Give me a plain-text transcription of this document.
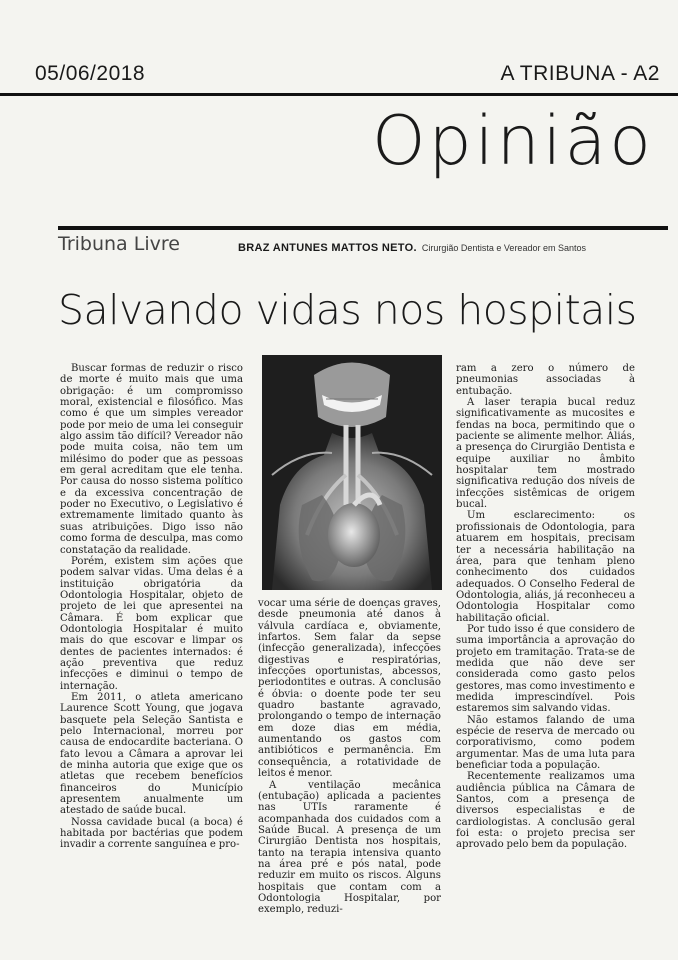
05/06/2018	A TRIBUNA - A2
Opinião
Tribuna Livre	BRAZ ANTUNES MATTOS NETO. Cirurgião Dentista e Vereador em Santos
Salvando vidas nos hospitais

Buscar formas de reduzir o risco de morte é muito mais que uma obrigação: é um compromisso moral, existencial e filosófico. Mas como é que um simples vereador pode por meio de uma lei conseguir algo assim tão difícil? Vereador não pode muita coisa, não tem um milésimo do poder que as pessoas em geral acreditam que ele tenha. Por causa do nosso sistema político e da excessiva concentração de poder no Executivo, o Legislativo é extremamente limitado quanto às suas atribuições. Digo isso não como forma de desculpa, mas como constatação da realidade.

Porém, existem sim ações que podem salvar vidas. Uma delas é a instituição obrigatória da Odontologia Hospitalar, objeto de projeto de lei que apresentei na Câmara. É bom explicar que Odontologia Hospitalar é muito mais do que escovar e limpar os dentes de pacientes internados: é ação preventiva que reduz infecções e diminui o tempo de internação.

Em 2011, o atleta americano Laurence Scott Young, que jogava basquete pela Seleção Santista e pelo Internacional, morreu por causa de endocardite bacteriana. O fato levou a Câmara a aprovar lei de minha autoria que exige que os atletas que recebem benefícios financeiros do Município apresentem anualmente um atestado de saúde bucal.

Nossa cavidade bucal (a boca) é habitada por bactérias que podem invadir a corrente sanguínea e pro-

vocar uma série de doenças graves, desde pneumonia até danos à válvula cardíaca e, obviamente, infartos. Sem falar da sepse (infecção generalizada), infecções digestivas e respiratórias, infecções oportunistas, abcessos, periodontites e outras. A conclusão é óbvia: o doente pode ter seu quadro bastante agravado, prolongando o tempo de internação em doze dias em média, aumentando os gastos com antibióticos e permanência. Em consequência, a rotatividade de leitos é menor.

A ventilação mecânica (entubação) aplicada a pacientes nas UTIs raramente é acompanhada dos cuidados com a Saúde Bucal. A presença de um Cirurgião Dentista nos hospitais, tanto na terapia intensiva quanto na área pré e pós natal, pode reduzir em muito os riscos. Alguns hospitais que contam com a Odontologia Hospitalar, por exemplo, reduzi-

ram a zero o número de pneumonias associadas à entubação.

A laser terapia bucal reduz significativamente as mucosites e fendas na boca, permitindo que o paciente se alimente melhor. Aliás, a presença do Cirurgião Dentista e equipe auxiliar no âmbito hospitalar tem mostrado significativa redução dos níveis de infecções sistêmicas de origem bucal.

Um esclarecimento: os profissionais de Odontologia, para atuarem em hospitais, precisam ter a necessária habilitação na área, para que tenham pleno conhecimento dos cuidados adequados. O Conselho Federal de Odontologia, aliás, já reconheceu a Odontologia Hospitalar como habilitação oficial.

Por tudo isso é que considero de suma importância a aprovação do projeto em tramitação. Trata-se de medida que não deve ser considerada como gasto pelos gestores, mas como investimento e medida imprescindível. Pois estaremos sim salvando vidas.

Não estamos falando de uma espécie de reserva de mercado ou corporativismo, como podem argumentar. Mas de uma luta para beneficiar toda a população.

Recentemente realizamos uma audiência pública na Câmara de Santos, com a presença de diversos especialistas e de cardiologistas. A conclusão geral foi esta: o projeto precisa ser aprovado pelo bem da população.
